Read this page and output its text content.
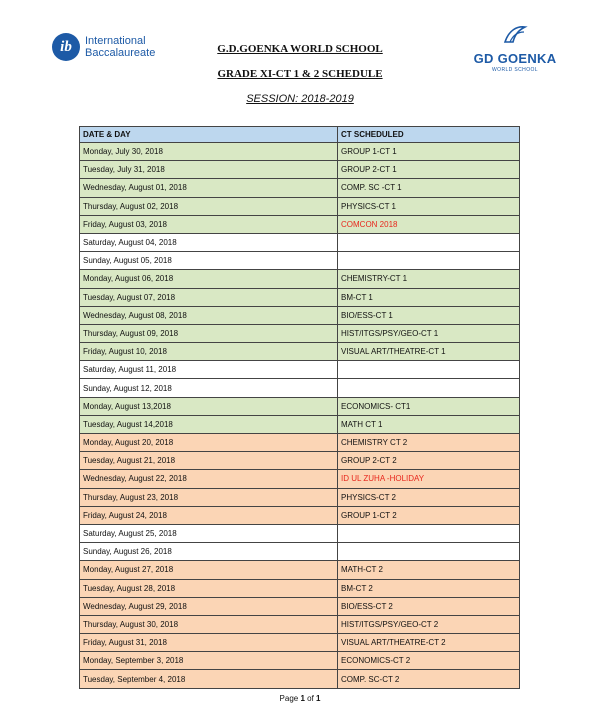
ib	International
Baccalaureate	GD GOENKA
WORLD SCHOOL
G.D.GOENKA WORLD SCHOOL
GRADE XI-CT 1 & 2 SCHEDULE
SESSION: 2018-2019
DATE & DAY	CT SCHEDULED
Monday, July 30, 2018	GROUP 1-CT 1
Tuesday, July 31, 2018	GROUP 2-CT 1
Wednesday, August 01, 2018	COMP. SC -CT 1
Thursday, August 02, 2018	PHYSICS-CT 1
Friday, August 03, 2018	COMCON 2018
Saturday, August 04, 2018	
Sunday, August 05, 2018	
Monday, August 06, 2018	CHEMISTRY-CT 1
Tuesday, August 07, 2018	BM-CT 1
Wednesday, August 08, 2018	BIO/ESS-CT 1
Thursday, August 09, 2018	HIST/ITGS/PSY/GEO-CT 1
Friday, August 10, 2018	VISUAL ART/THEATRE-CT 1
Saturday, August 11, 2018	
Sunday, August 12, 2018	
Monday, August 13,2018	ECONOMICS- CT1
Tuesday, August 14,2018	MATH CT 1
Monday, August 20, 2018	CHEMISTRY CT 2
Tuesday, August 21, 2018	GROUP 2-CT 2
Wednesday, August 22, 2018	ID UL ZUHA -HOLIDAY
Thursday, August 23, 2018	PHYSICS-CT 2
Friday, August 24, 2018	GROUP 1-CT 2
Saturday, August 25, 2018	
Sunday, August 26, 2018	
Monday, August 27, 2018	MATH-CT 2
Tuesday, August 28, 2018	BM-CT 2
Wednesday, August 29, 2018	BIO/ESS-CT 2
Thursday, August 30, 2018	HIST/ITGS/PSY/GEO-CT 2
Friday, August 31, 2018	VISUAL ART/THEATRE-CT 2
Monday, September 3, 2018	ECONOMICS-CT 2
Tuesday, September 4, 2018	COMP. SC-CT 2
Page 1 of 1
